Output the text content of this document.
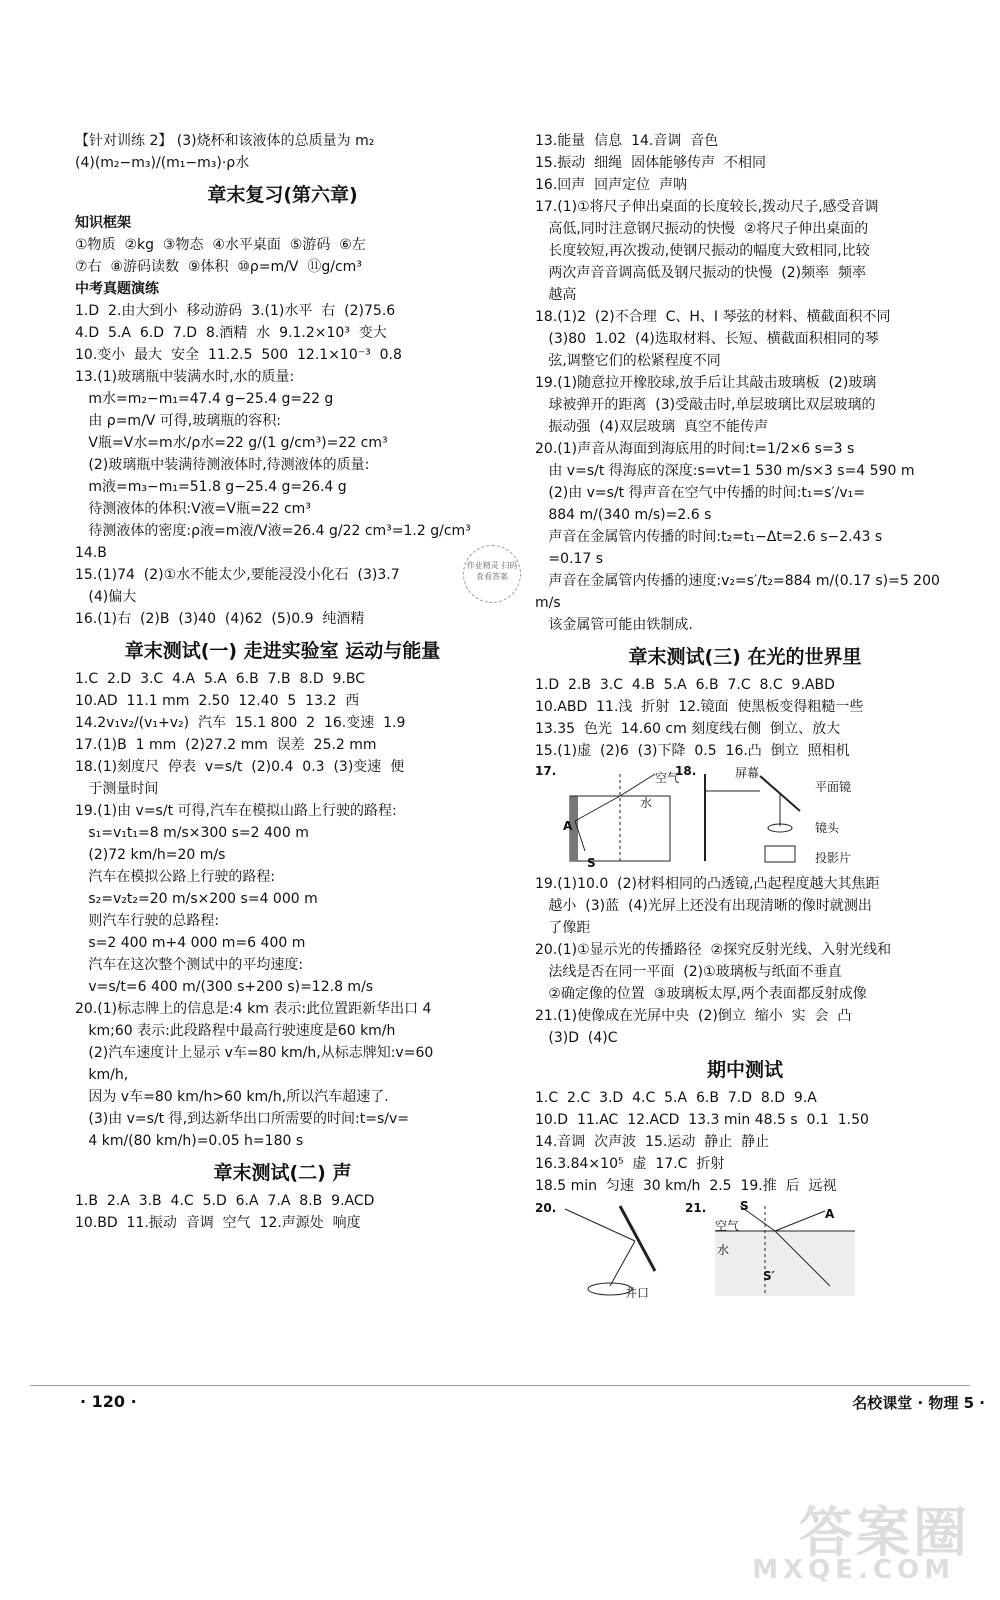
【针对训练 2】 (3)烧杯和该液体的总质量为 m₂
(4)(m₂−m₃)/(m₁−m₃)·ρ水
章末复习(第六章)
知识框架
①物质  ②kg  ③物态  ④水平桌面  ⑤游码  ⑥左
⑦右  ⑧游码读数  ⑨体积  ⑩ρ=m/V  ⑪g/cm³
中考真题演练
1.D  2.由大到小  移动游码  3.(1)水平  右  (2)75.6
4.D  5.A  6.D  7.D  8.酒精  水  9.1.2×10³  变大
10.变小  最大  安全  11.2.5  500  12.1×10⁻³  0.8
13.(1)玻璃瓶中装满水时,水的质量:
m水=m₂−m₁=47.4 g−25.4 g=22 g
由 ρ=m/V 可得,玻璃瓶的容积:
V瓶=V水=m水/ρ水=22 g/(1 g/cm³)=22 cm³
(2)玻璃瓶中装满待测液体时,待测液体的质量:
m液=m₃−m₁=51.8 g−25.4 g=26.4 g
待测液体的体积:V液=V瓶=22 cm³
待测液体的密度:ρ液=m液/V液=26.4 g/22 cm³=1.2 g/cm³
14.B
15.(1)74  (2)①水不能太少,要能浸没小化石  (3)3.7
(4)偏大
16.(1)右  (2)B  (3)40  (4)62  (5)0.9  纯酒精
章末测试(一) 走进实验室 运动与能量
1.C  2.D  3.C  4.A  5.A  6.B  7.B  8.D  9.BC
10.AD  11.1 mm  2.50  12.40  5  13.2  西
14.2v₁v₂/(v₁+v₂)  汽车  15.1 800  2  16.变速  1.9
17.(1)B  1 mm  (2)27.2 mm  误差  25.2 mm
18.(1)刻度尺  停表  v=s/t  (2)0.4  0.3  (3)变速  便
于测量时间
19.(1)由 v=s/t 可得,汽车在模拟山路上行驶的路程:
s₁=v₁t₁=8 m/s×300 s=2 400 m
(2)72 km/h=20 m/s
汽车在模拟公路上行驶的路程:
s₂=v₂t₂=20 m/s×200 s=4 000 m
则汽车行驶的总路程:
s=2 400 m+4 000 m=6 400 m
汽车在这次整个测试中的平均速度:
v=s/t=6 400 m/(300 s+200 s)=12.8 m/s
20.(1)标志牌上的信息是:4 km 表示:此位置距新华出口 4
km;60 表示:此段路程中最高行驶速度是60 km/h
(2)汽车速度计上显示 v车=80 km/h,从标志牌知:v=60
km/h,
因为 v车=80 km/h>60 km/h,所以汽车超速了.
(3)由 v=s/t 得,到达新华出口所需要的时间:t=s/v=
4 km/(80 km/h)=0.05 h=180 s
章末测试(二) 声
1.B  2.A  3.B  4.C  5.D  6.A  7.A  8.B  9.ACD
10.BD  11.振动  音调  空气  12.声源处  响度
13.能量  信息  14.音调  音色
15.振动  细绳  固体能够传声  不相同
16.回声  回声定位  声呐
17.(1)①将尺子伸出桌面的长度较长,拨动尺子,感受音调
高低,同时注意钢尺振动的快慢  ②将尺子伸出桌面的
长度较短,再次拨动,使钢尺振动的幅度大致相同,比较
两次声音音调高低及钢尺振动的快慢  (2)频率  频率
越高
18.(1)2  (2)不合理  C、H、I 琴弦的材料、横截面积不同
(3)80  1.02  (4)选取材料、长短、横截面积相同的琴
弦,调整它们的松紧程度不同
19.(1)随意拉开橡胶球,放手后让其敲击玻璃板  (2)玻璃
球被弹开的距离  (3)受敲击时,单层玻璃比双层玻璃的
振动强  (4)双层玻璃  真空不能传声
20.(1)声音从海面到海底用的时间:t=1/2×6 s=3 s
由 v=s/t 得海底的深度:s=vt=1 530 m/s×3 s=4 590 m
(2)由 v=s/t 得声音在空气中传播的时间:t₁=s′/v₁=
884 m/(340 m/s)=2.6 s
声音在金属管内传播的时间:t₂=t₁−Δt=2.6 s−2.43 s
=0.17 s
声音在金属管内传播的速度:v₂=s′/t₂=884 m/(0.17 s)=5 200 m/s
该金属管可能由铁制成.
章末测试(三) 在光的世界里
1.D  2.B  3.C  4.B  5.A  6.B  7.C  8.C  9.ABD
10.ABD  11.浅  折射  12.镜面  使黑板变得粗糙一些
13.35  色光  14.60 cm 刻度线右侧  倒立、放大
15.(1)虚  (2)6  (3)下降  0.5  16.凸  倒立  照相机
17.	空气
水
A
S
18.	屏幕
平面镜
镜头
投影片
19.(1)10.0  (2)材料相同的凸透镜,凸起程度越大其焦距
越小  (3)蓝  (4)光屏上还没有出现清晰的像时就测出
了像距
20.(1)①显示光的传播路径  ②探究反射光线、入射光线和
法线是否在同一平面  (2)①玻璃板与纸面不垂直
②确定像的位置  ③玻璃板太厚,两个表面都反射成像
21.(1)使像成在光屏中央  (2)倒立  缩小  实  会  凸
(3)D  (4)C
期中测试
1.C  2.C  3.D  4.C  5.A  6.B  7.D  8.D  9.A
10.D  11.AC  12.ACD  13.3 min 48.5 s  0.1  1.50
14.音调  次声波  15.运动  静止  静止
16.3.84×10⁵  虚  17.C  折射
18.5 min  匀速  30 km/h  2.5  19.推  后  远视
20.
井口
21.
空气
水
S
A
S′
作业精灵 扫码查看答案
· 120 ·	名校课堂 · 物理 5 ·
答案圈
MXQE.COM
